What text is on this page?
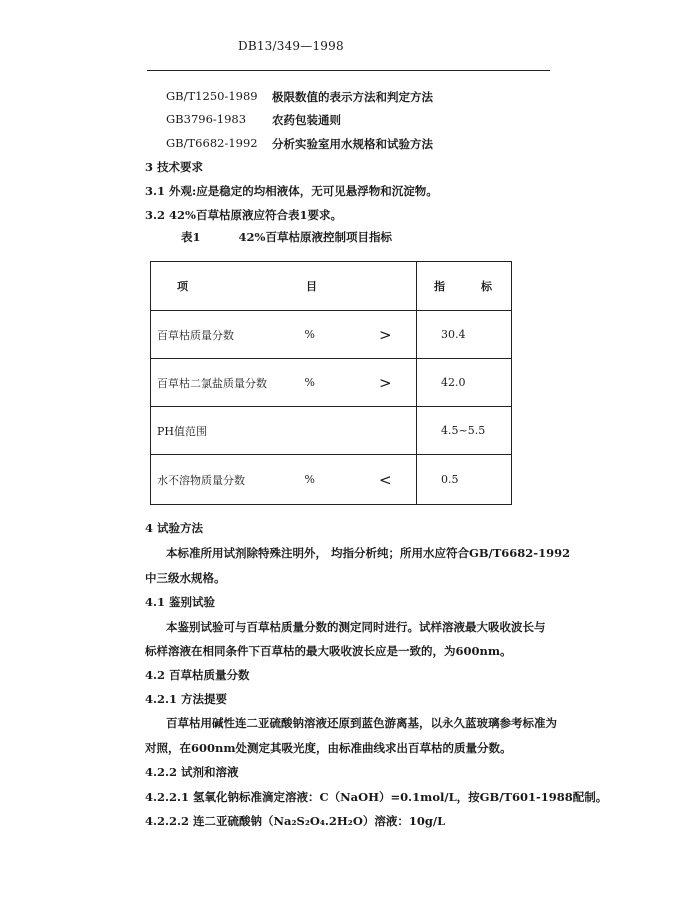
DB13/349—1998
GB/T1250-1989 极限数值的表示方法和判定方法
GB3796-1983 农药包装通则
GB/T6682-1992 分析实验室用水规格和试验方法
3 技术要求
3.1 外观:应是稳定的均相液体，无可见悬浮物和沉淀物。
3.2 42%百草枯原液应符合表1要求。
表1	42%百草枯原液控制项目指标
项 目			指 标
百草枯质量分数	%	>	30.4
百草枯二氯盐质量分数	%	>	42.0
PH值范围			4.5~5.5
水不溶物质量分数	%	<	0.5
4 试验方法
本标准所用试剂除特殊注明外， 均指分析纯；所用水应符合GB/T6682-1992
中三级水规格。
4.1 鉴别试验
本鉴别试验可与百草枯质量分数的测定同时进行。试样溶液最大吸收波长与
标样溶液在相同条件下百草枯的最大吸收波长应是一致的，为600nm。
4.2 百草枯质量分数
4.2.1 方法提要
百草枯用碱性连二亚硫酸钠溶液还原到蓝色游离基，以永久蓝玻璃参考标准为
对照，在600nm处测定其吸光度，由标准曲线求出百草枯的质量分数。
4.2.2 试剂和溶液
4.2.2.1 氢氧化钠标准滴定溶液：C（NaOH）=0.1mol/L，按GB/T601-1988配制。
4.2.2.2 连二亚硫酸钠（Na₂S₂O₄.2H₂O）溶液：10g/L
